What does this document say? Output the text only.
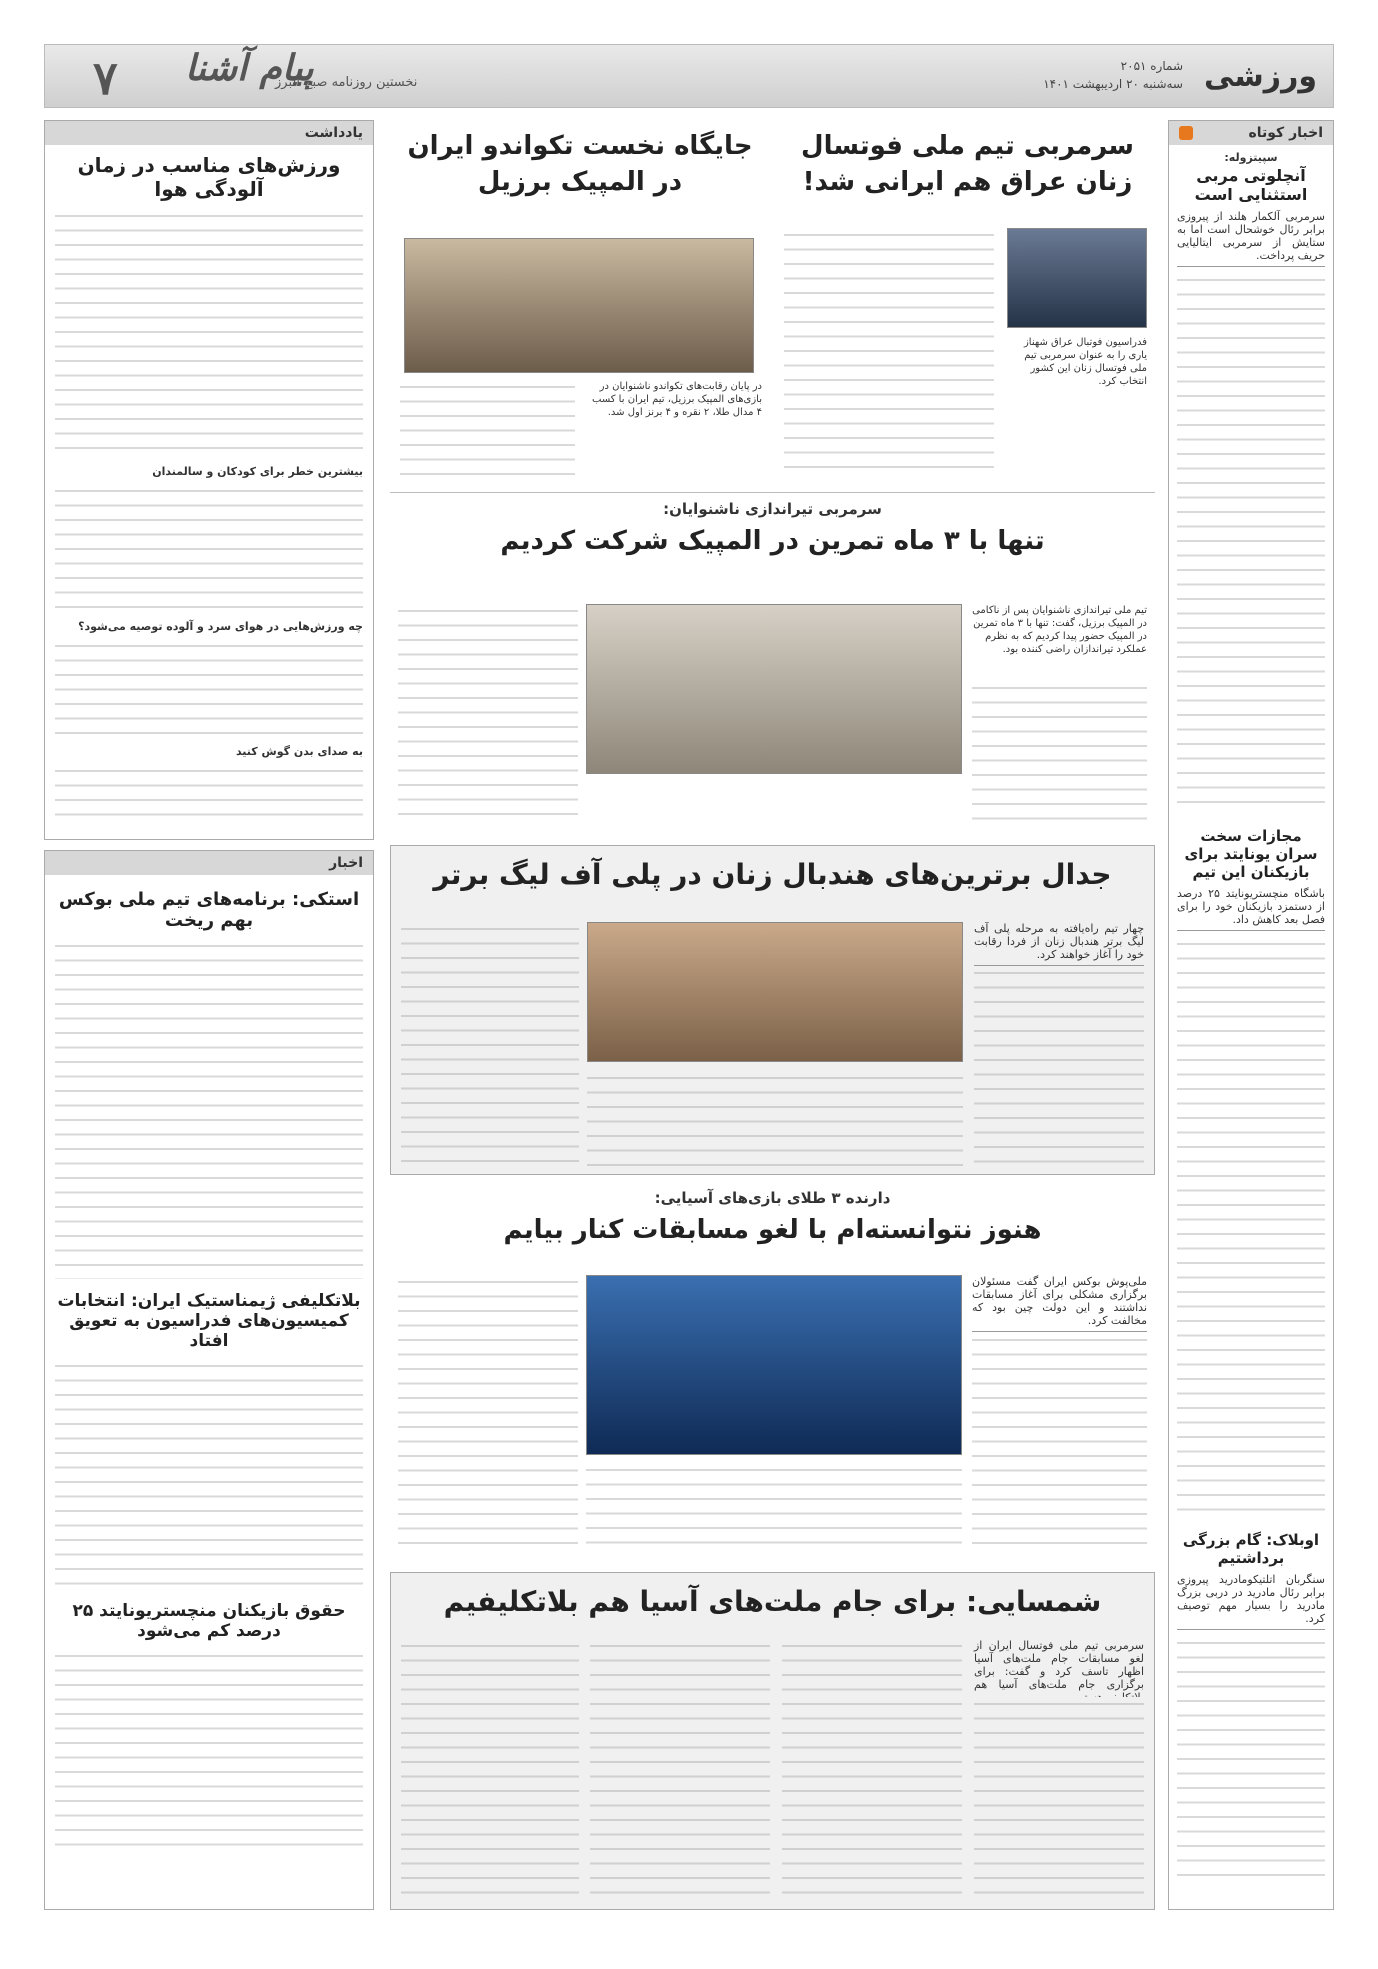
ورزشی
شماره ۲۰۵۱
سه‌شنبه ۲۰ اردیبهشت ۱۴۰۱
۷ پیام آشنا
نخستین روزنامه صبح البرز
اخبار کوتاه
سپیتزوله:
آنچلوتی مربی استثنایی است
سرمربی آلکمار هلند از پیروزی برابر رئال خوشحال است اما به ستایش از سرمربی ایتالیایی حریف پرداخت.
مجازات سخت سران یونایتد برای بازیکنان این تیم
باشگاه منچستریونایتد ۲۵ درصد از دستمزد بازیکنان خود را برای فصل بعد کاهش داد.
اوبلاک: گام بزرگی برداشتیم
سنگربان اتلتیکومادرید پیروزی برابر رئال مادرید در دربی بزرگ مادرید را بسیار مهم توصیف کرد.
یادداشت
ورزش‌های مناسب در زمان آلودگی هوا
بیشترین خطر برای کودکان و سالمندان
چه ورزش‌هایی در هوای سرد و آلوده توصیه می‌شود؟
به صدای بدن گوش کنید
اخبار
استکی: برنامه‌های تیم ملی بوکس بهم ریخت
بلاتکلیفی ژیمناستیک ایران: انتخابات کمیسیون‌های فدراسیون به تعویق افتاد
حقوق بازیکنان منچستریونایتد ۲۵ درصد کم می‌شود
سرمربی تیم ملی فوتسال زنان عراق هم ایرانی شد!
فدراسیون فوتبال عراق شهناز یاری را به عنوان سرمربی تیم ملی فوتسال زنان این کشور انتخاب کرد.
جایگاه نخست تکواندو ایران در المپیک برزیل
در پایان رقابت‌های تکواندو ناشنوایان در بازی‌های المپیک برزیل، تیم ایران با کسب ۴ مدال طلا، ۲ نقره و ۴ برنز اول شد.
سرمربی تیراندازی ناشنوایان:
تنها با ۳ ماه تمرین در المپیک شرکت کردیم
تیم ملی تیراندازی ناشنوایان پس از ناکامی در المپیک برزیل، گفت: تنها با ۳ ماه تمرین در المپیک حضور پیدا کردیم که به نظرم عملکرد تیراندازان راضی کننده بود.
جدال برترین‌های هندبال زنان در پلی آف لیگ برتر
چهار تیم راه‌یافته به مرحله پلی آف لیگ برتر هندبال زنان از فردا رقابت خود را آغاز خواهند کرد.
دارنده ۳ طلای بازی‌های آسیایی:
هنوز نتوانسته‌ام با لغو مسابقات کنار بیایم
ملی‌پوش بوکس ایران گفت مسئولان برگزاری مشکلی برای آغاز مسابقات نداشتند و این دولت چین بود که مخالفت کرد.
شمسایی: برای جام ملت‌های آسیا هم بلاتکلیفیم
سرمربی تیم ملی فوتسال ایران از لغو مسابقات جام ملت‌های آسیا اظهار تاسف کرد و گفت: برای برگزاری جام ملت‌های آسیا هم
